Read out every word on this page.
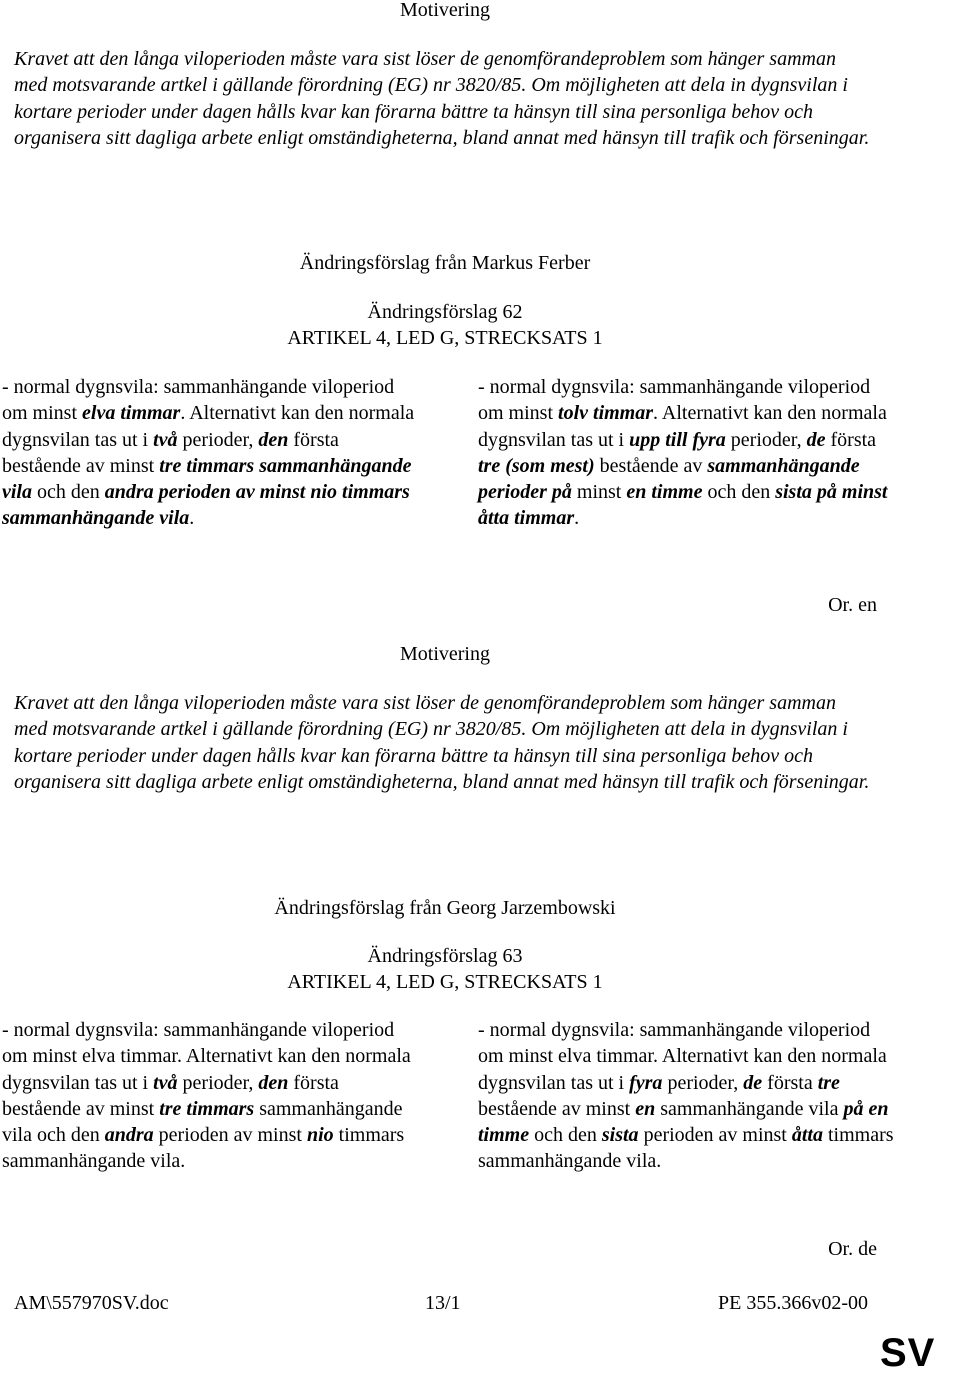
Motivering

Kravet att den långa viloperioden måste vara sist löser de genomförandeproblem som hänger samman med motsvarande artkel i gällande förordning (EG) nr 3820/85. Om möjligheten att dela in dygnsvilan i kortare perioder under dagen hålls kvar kan förarna bättre ta hänsyn till sina personliga behov och organisera sitt dagliga arbete enligt omständigheterna, bland annat med hänsyn till trafik och förseningar.

Ändringsförslag från Markus Ferber
Ändringsförslag 62
ARTIKEL 4, LED G, STRECKSATS 1

- normal dygnsvila: sammanhängande viloperiod om minst elva timmar. Alternativt kan den normala dygnsvilan tas ut i två perioder, den första bestående av minst tre timmars sammanhängande vila och den andra perioden av minst nio timmars sammanhängande vila.

- normal dygnsvila: sammanhängande viloperiod om minst tolv timmar. Alternativt kan den normala dygnsvilan tas ut i upp till fyra perioder, de första tre (som mest) bestående av sammanhängande perioder på minst en timme och den sista på minst åtta timmar.

Or. en
Motivering

Kravet att den långa viloperioden måste vara sist löser de genomförandeproblem som hänger samman med motsvarande artkel i gällande förordning (EG) nr 3820/85. Om möjligheten att dela in dygnsvilan i kortare perioder under dagen hålls kvar kan förarna bättre ta hänsyn till sina personliga behov och organisera sitt dagliga arbete enligt omständigheterna, bland annat med hänsyn till trafik och förseningar.

Ändringsförslag från Georg Jarzembowski
Ändringsförslag 63
ARTIKEL 4, LED G, STRECKSATS 1

- normal dygnsvila: sammanhängande viloperiod om minst elva timmar. Alternativt kan den normala dygnsvilan tas ut i två perioder, den första bestående av minst tre timmars sammanhängande vila och den andra perioden av minst nio timmars sammanhängande vila.

- normal dygnsvila: sammanhängande viloperiod om minst elva timmar. Alternativt kan den normala dygnsvilan tas ut i fyra perioder, de första tre bestående av minst en sammanhängande vila på en timme och den sista perioden av minst åtta timmars sammanhängande vila.

Or. de
AM\557970SV.doc	13/1	PE 355.366v02-00
SV
